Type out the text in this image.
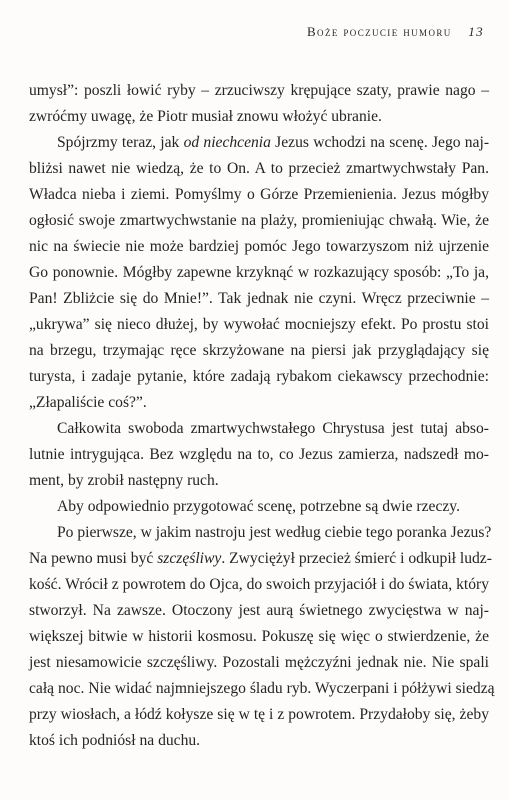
Boże poczucie humoru 13
umysł”: poszli łowić ryby – zrzuciwszy krępujące szaty, prawie nago –
zwróćmy uwagę, że Piotr musiał znowu włożyć ubranie.
Spójrzmy teraz, jak od niechcenia Jezus wchodzi na scenę. Jego naj-
bliżsi nawet nie wiedzą, że to On. A to przecież zmartwychwstały Pan.
Władca nieba i ziemi. Pomyślmy o Górze Przemienienia. Jezus mógłby
ogłosić swoje zmartwychwstanie na plaży, promieniując chwałą. Wie, że
nic na świecie nie może bardziej pomóc Jego towarzyszom niż ujrzenie
Go ponownie. Mógłby zapewne krzyknąć w rozkazujący sposób: „To ja,
Pan! Zbliżcie się do Mnie!”. Tak jednak nie czyni. Wręcz przeciwnie –
„ukrywa” się nieco dłużej, by wywołać mocniejszy efekt. Po prostu stoi
na brzegu, trzymając ręce skrzyżowane na piersi jak przyglądający się
turysta, i zadaje pytanie, które zadają rybakom ciekawscy przechodnie:
„Złapaliście coś?”.
Całkowita swoboda zmartwychwstałego Chrystusa jest tutaj abso-
lutnie intrygująca. Bez względu na to, co Jezus zamierza, nadszedł mo-
ment, by zrobił następny ruch.
Aby odpowiednio przygotować scenę, potrzebne są dwie rzeczy.
Po pierwsze, w jakim nastroju jest według ciebie tego poranka Jezus?
Na pewno musi być szczęśliwy. Zwyciężył przecież śmierć i odkupił ludz-
kość. Wrócił z powrotem do Ojca, do swoich przyjaciół i do świata, który
stworzył. Na zawsze. Otoczony jest aurą świetnego zwycięstwa w naj-
większej bitwie w historii kosmosu. Pokuszę się więc o stwierdzenie, że
jest niesamowicie szczęśliwy. Pozostali mężczyźni jednak nie. Nie spali
całą noc. Nie widać najmniejszego śladu ryb. Wyczerpani i półżywi siedzą
przy wiosłach, a łódź kołysze się w tę i z powrotem. Przydałoby się, żeby
ktoś ich podniósł na duchu.
